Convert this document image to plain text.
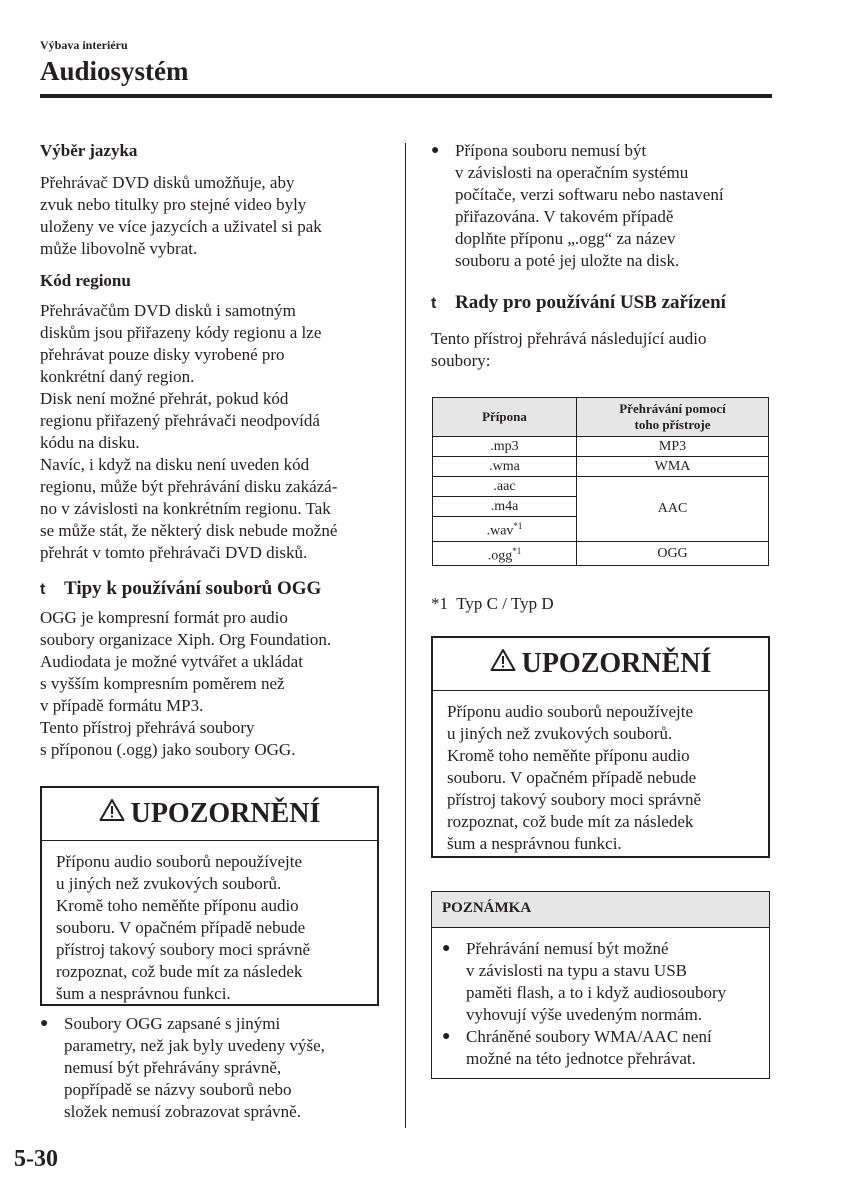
Výbava interiéru
Audiosystém

Výběr jazyka

Přehrávač DVD disků umožňuje, aby
zvuk nebo titulky pro stejné video byly
uloženy ve více jazycích a uživatel si pak
může libovolně vybrat.

Kód regionu

Přehrávačům DVD disků i samotným
diskům jsou přiřazeny kódy regionu a lze
přehrávat pouze disky vyrobené pro
konkrétní daný region.
Disk není možné přehrát, pokud kód
regionu přiřazený přehrávači neodpovídá
kódu na disku.
Navíc, i když na disku není uveden kód
regionu, může být přehrávání disku zakázá-
no v závislosti na konkrétním regionu. Tak
se může stát, že některý disk nebude možné
přehrát v tomto přehrávači DVD disků.
t Tipy k používání souborů OGG
OGG je kompresní formát pro audio
soubory organizace Xiph. Org Foundation.
Audiodata je možné vytvářet a ukládat
s vyšším kompresním poměrem než
v případě formátu MP3.
Tento přístroj přehrává soubory
s příponou (.ogg) jako soubory OGG.
UPOZORNĚNÍ
Příponu audio souborů nepoužívejte
u jiných než zvukových souborů.
Kromě toho neměňte příponu audio
souboru. V opačném případě nebude
přístroj takový soubory moci správně
rozpoznat, což bude mít za následek
šum a nesprávnou funkci.
● Soubory OGG zapsané s jinými
parametry, než jak byly uvedeny výše,
nemusí být přehrávány správně,
popřípadě se názvy souborů nebo
složek nemusí zobrazovat správně.
● Přípona souboru nemusí být
v závislosti na operačním systému
počítače, verzi softwaru nebo nastavení
přiřazována. V takovém případě
doplňte příponu „.ogg“ za název
souboru a poté jej uložte na disk.
t Rady pro používání USB zařízení
Tento přístroj přehrává následující audio
soubory:
Přípona	Přehrávání pomocí
toho přístroje
.mp3	MP3
.wma	WMA
.aac	AAC
.m4a	
.wav$^{*1}$
.ogg$^{*1}$	OGG
*1  Typ C / Typ D
UPOZORNĚNÍ
Příponu audio souborů nepoužívejte
u jiných než zvukových souborů.
Kromě toho neměňte příponu audio
souboru. V opačném případě nebude
přístroj takový soubory moci správně
rozpoznat, což bude mít za následek
šum a nesprávnou funkci.
POZNÁMKA
● Přehrávání nemusí být možné
v závislosti na typu a stavu USB
paměti flash, a to i když audiosoubory
vyhovují výše uvedeným normám.
● Chráněné soubory WMA/AAC není
možné na této jednotce přehrávat.
5-30
